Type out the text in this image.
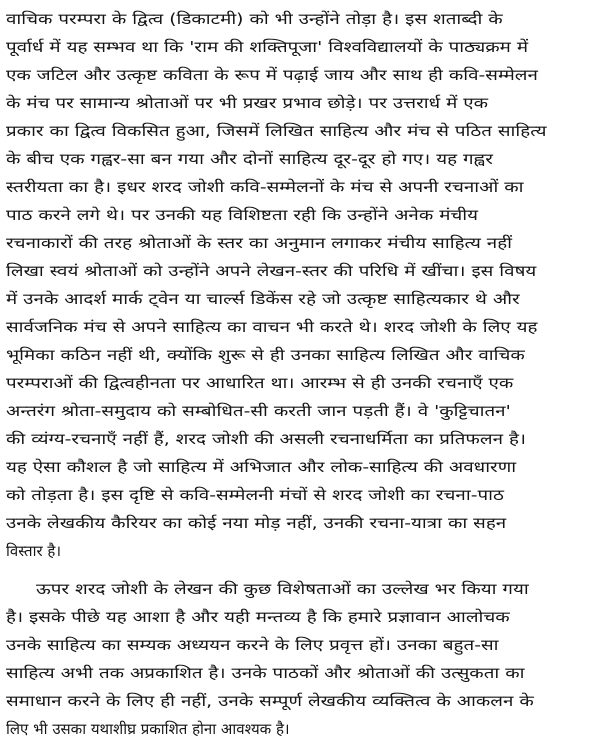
वाचिक परम्परा के द्वित्व (डिकाटमी) को भी उन्होंने तोड़ा है। इस शताब्दी के
पूर्वार्ध में यह सम्भव था कि 'राम की शक्तिपूजा' विश्वविद्यालयों के पाठ्यक्रम में
एक जटिल और उत्कृष्ट कविता के रूप में पढ़ाई जाय और साथ ही कवि-सम्मेलन
के मंच पर सामान्य श्रोताओं पर भी प्रखर प्रभाव छोड़े। पर उत्तरार्ध में एक
प्रकार का द्वित्व विकसित हुआ, जिसमें लिखित साहित्य और मंच से पठित साहित्य
के बीच एक गह्वर-सा बन गया और दोनों साहित्य दूर-दूर हो गए। यह गह्वर
स्तरीयता का है। इधर शरद जोशी कवि-सम्मेलनों के मंच से अपनी रचनाओं का
पाठ करने लगे थे। पर उनकी यह विशिष्टता रही कि उन्होंने अनेक मंचीय
रचनाकारों की तरह श्रोताओं के स्तर का अनुमान लगाकर मंचीय साहित्य नहीं
लिखा स्वयं श्रोताओं को उन्होंने अपने लेखन-स्तर की परिधि में खींचा। इस विषय
में उनके आदर्श मार्क ट्वेन या चार्ल्स डिकेंस रहे जो उत्कृष्ट साहित्यकार थे और
सार्वजनिक मंच से अपने साहित्य का वाचन भी करते थे। शरद जोशी के लिए यह
भूमिका कठिन नहीं थी, क्योंकि शुरू से ही उनका साहित्य लिखित और वाचिक
परम्पराओं की द्वित्वहीनता पर आधारित था। आरम्भ से ही उनकी रचनाएँ एक
अन्तरंग श्रोता-समुदाय को सम्बोधित-सी करती जान पड़ती हैं। वे 'कुट्टिचातन'
की व्यंग्य-रचनाएँ नहीं हैं, शरद जोशी की असली रचनाधर्मिता का प्रतिफलन है।
यह ऐसा कौशल है जो साहित्य में अभिजात और लोक-साहित्य की अवधारणा
को तोड़ता है। इस दृष्टि से कवि-सम्मेलनी मंचों से शरद जोशी का रचना-पाठ
उनके लेखकीय कैरियर का कोई नया मोड़ नहीं, उनकी रचना-यात्रा का सहन
विस्तार है।
ऊपर शरद जोशी के लेखन की कुछ विशेषताओं का उल्लेख भर किया गया
है। इसके पीछे यह आशा है और यही मन्तव्य है कि हमारे प्रज्ञावान आलोचक
उनके साहित्य का सम्यक अध्ययन करने के लिए प्रवृत्त हों। उनका बहुत-सा
साहित्य अभी तक अप्रकाशित है। उनके पाठकों और श्रोताओं की उत्सुकता का
समाधान करने के लिए ही नहीं, उनके सम्पूर्ण लेखकीय व्यक्तित्व के आकलन के
लिए भी उसका यथाशीघ्र प्रकाशित होना आवश्यक है।
